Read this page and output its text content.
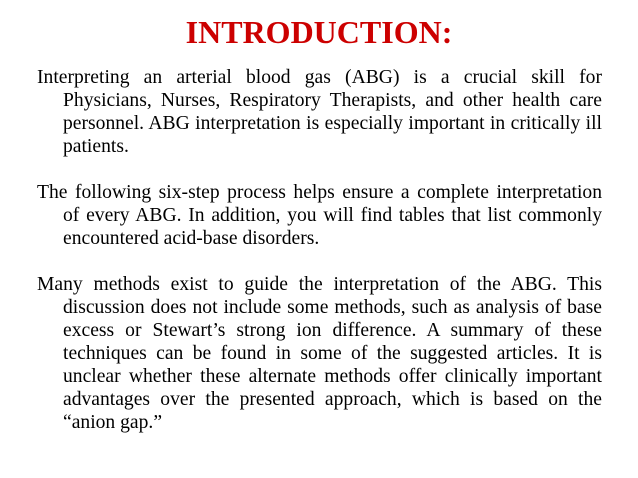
INTRODUCTION:

Interpreting an arterial blood gas (ABG) is a crucial skill for Physicians, Nurses, Respiratory Therapists, and other health care personnel. ABG interpretation is especially important in critically ill patients.

The following six-step process helps ensure a complete interpretation of every ABG. In addition, you will find tables that list commonly encountered acid-base disorders.

Many methods exist to guide the interpretation of the ABG. This discussion does not include some methods, such as analysis of base excess or Stewart’s strong ion difference. A summary of these techniques can be found in some of the suggested articles. It is unclear whether these alternate methods offer clinically important advantages over the presented approach, which is based on the “anion gap.”
